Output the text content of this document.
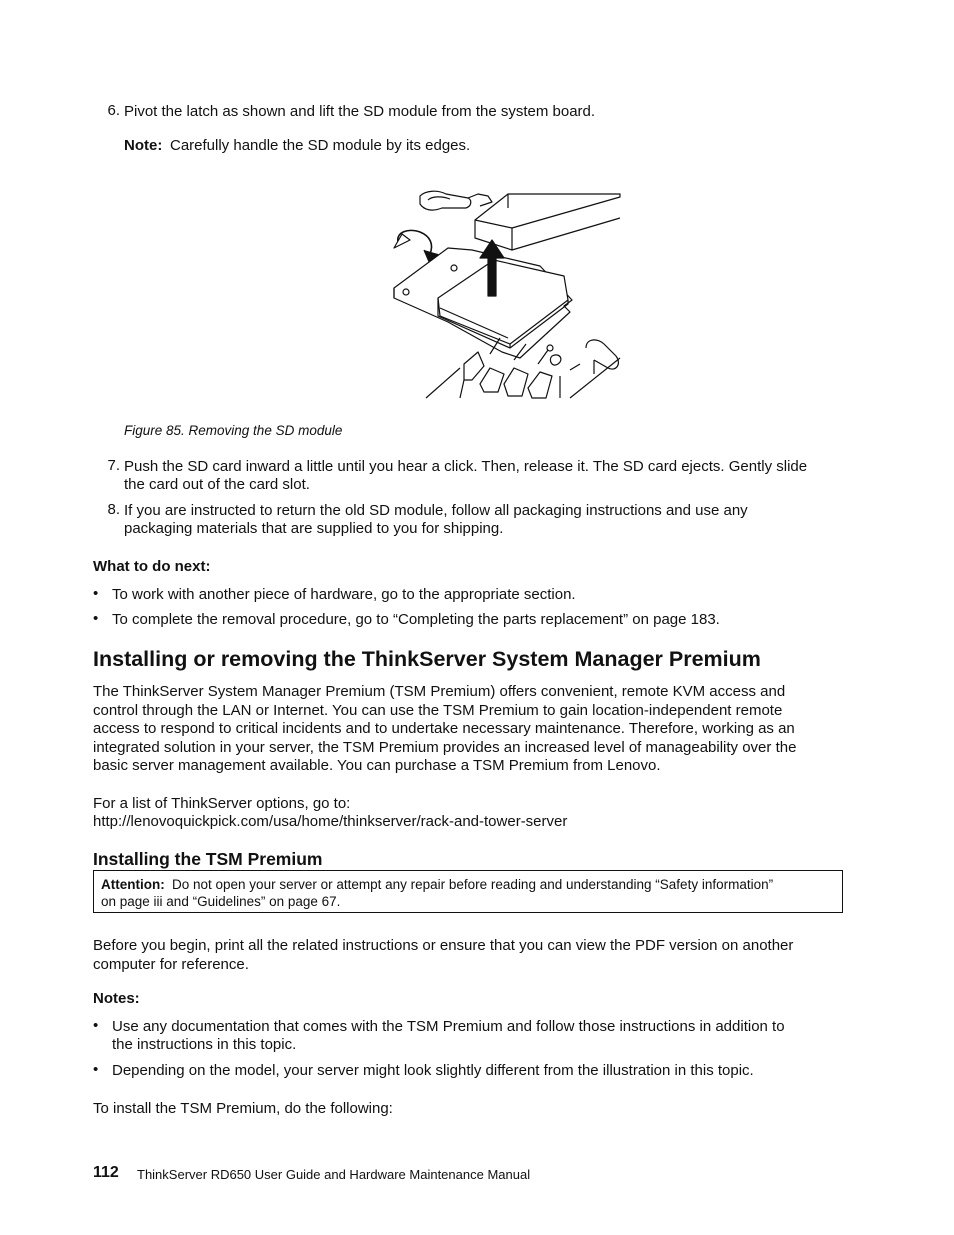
6. Pivot the latch as shown and lift the SD module from the system board.
Note: Carefully handle the SD module by its edges.
Figure 85. Removing the SD module
7. Push the SD card inward a little until you hear a click. Then, release it. The SD card ejects. Gently slide
the card out of the card slot.
8. If you are instructed to return the old SD module, follow all packaging instructions and use any
packaging materials that are supplied to you for shipping.
What to do next:
• To work with another piece of hardware, go to the appropriate section.
• To complete the removal procedure, go to “Completing the parts replacement” on page 183.
Installing or removing the ThinkServer System Manager Premium
The ThinkServer System Manager Premium (TSM Premium) offers convenient, remote KVM access and
control through the LAN or Internet. You can use the TSM Premium to gain location-independent remote
access to respond to critical incidents and to undertake necessary maintenance. Therefore, working as an
integrated solution in your server, the TSM Premium provides an increased level of manageability over the
basic server management available. You can purchase a TSM Premium from Lenovo.
For a list of ThinkServer options, go to:
http://lenovoquickpick.com/usa/home/thinkserver/rack-and-tower-server
Installing the TSM Premium
Attention: Do not open your server or attempt any repair before reading and understanding “Safety information”
on page iii and “Guidelines” on page 67.
Before you begin, print all the related instructions or ensure that you can view the PDF version on another
computer for reference.
Notes:
• Use any documentation that comes with the TSM Premium and follow those instructions in addition to
the instructions in this topic.
• Depending on the model, your server might look slightly different from the illustration in this topic.
To install the TSM Premium, do the following:
112 ThinkServer RD650 User Guide and Hardware Maintenance Manual
